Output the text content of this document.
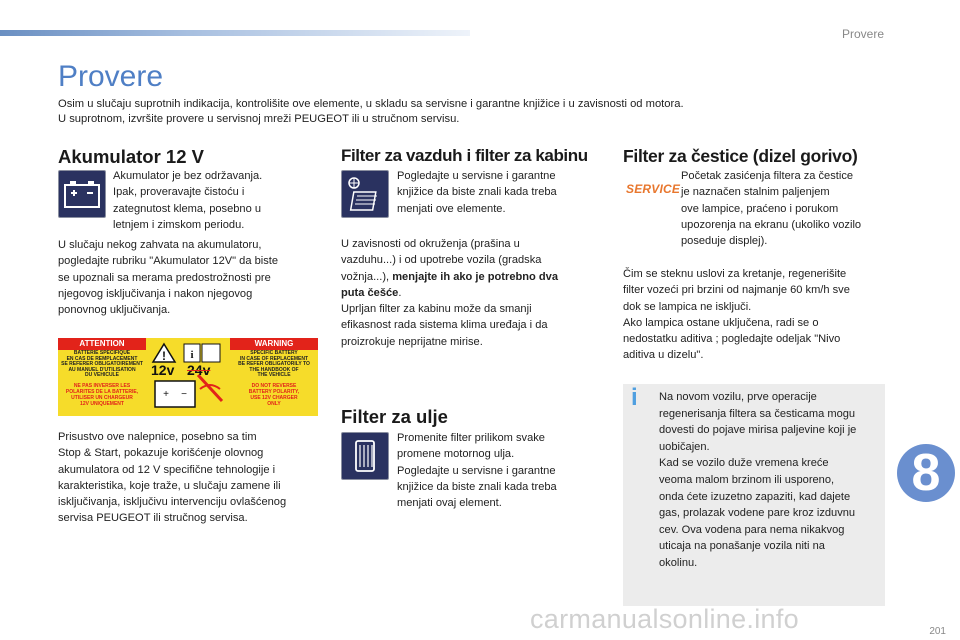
Provere
Provere

Osim u slučaju suprotnih indikacija, kontrolišite ove elemente, u skladu sa servisne i garantne knjižice i u zavisnosti od motora.

U suprotnom, izvršite provere u servisnoj mreži PEUGEOT ili u stručnom servisu.

Akumulator 12 V
Akumulator je bez održavanja.
Ipak, proveravajte čistoću i
zategnutost klema, posebno u
letnjem i zimskom periodu.
U slučaju nekog zahvata na akumulatoru,
pogledajte rubriku "Akumulator 12V" da biste
se upoznali sa merama predostrožnosti pre
njegovog isključivanja i nakon njegovog
ponovnog uključivanja.
ATTENTION	WARNING
BATTERIE SPECIFIQUE
EN CAS DE REMPLACEMENT
SE REFERER OBLIGATOIREMENT
AU MANUEL D'UTILISATION
DU VEHICULE
NE PAS INVERSER LES
POLARITES DE LA BATTERIE,
UTILISER UN CHARGEUR
12V UNIQUEMENT
SPECIFIC BATTERY
IN CASE OF REPLACEMENT
BE REFER OBLIGATORILY TO
THE HANDBOOK OF
THE VEHICLE
DO NOT REVERSE
BATTERY POLARITY,
USE 12V CHARGER
ONLY
! i
+ −
12v 24v
Prisustvo ove nalepnice, posebno sa tim
Stop & Start, pokazuje korišćenje olovnog
akumulatora od 12 V specifične tehnologije i
karakteristika, koje traže, u slučaju zamene ili
isključivanja, isključivu intervenciju ovlašćenog
servisa PEUGEOT ili stručnog servisa.
Filter za vazduh i filter za kabinu
Pogledajte u servisne i garantne
knjižice da biste znali kada treba
menjati ove elemente.
U zavisnosti od okruženja (prašina u
vazduhu...) i od upotrebe vozila (gradska
vožnja...), menjajte ih ako je potrebno dva
puta češće.
Uprljan filter za kabinu može da smanji
efikasnost rada sistema klima uređaja i da
proizrokuje neprijatne mirise.
Filter za ulje
Promenite filter prilikom svake
promene motornog ulja.
Pogledajte u servisne i garantne
knjižice da biste znali kada treba
menjati ovaj element.
Filter za čestice (dizel gorivo)
SERVICE
Početak zasićenja filtera za čestice
je naznačen stalnim paljenjem
ove lampice, praćeno i porukom
upozorenja na ekranu (ukoliko vozilo
poseduje displej).
Čim se steknu uslovi za kretanje, regenerišite
filter vozeći pri brzini od najmanje 60 km/h sve
dok se lampica ne isključi.
Ako lampica ostane uključena, radi se o
nedostatku aditiva ; pogledajte odeljak "Nivo
aditiva u dizelu".
i	Na novom vozilu, prve operacije
regenerisanja filtera sa česticama mogu
dovesti do pojave mirisa paljevine koji je
uobičajen.
Kad se vozilo duže vremena kreće
veoma malom brzinom ili usporeno,
onda ćete izuzetno zapaziti, kad dajete
gas, prolazak vodene pare kroz izduvnu
cev. Ova vodena para nema nikakvog
uticaja na ponašanje vozila niti na
okolinu.
8
carmanualsonline.info	201
